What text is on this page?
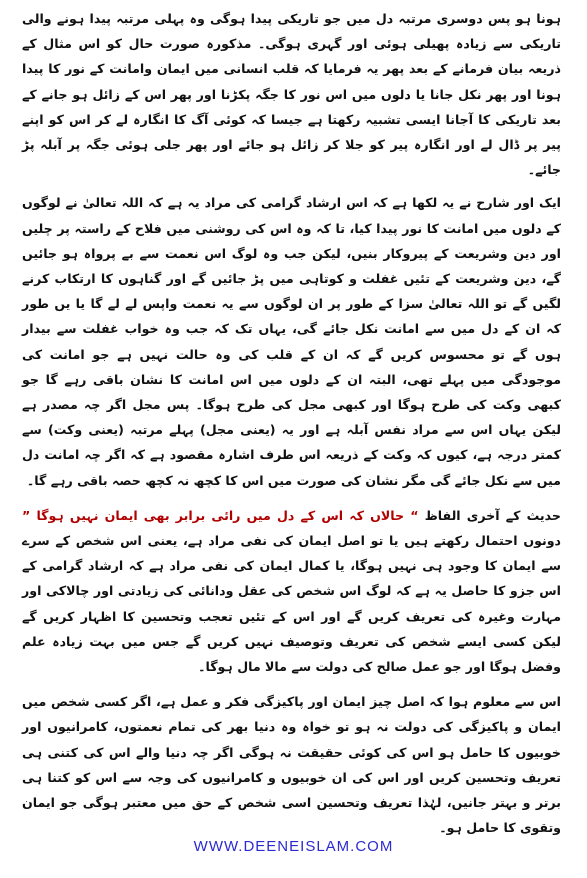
ہونا ہو پس دوسری مرتبہ دل میں جو تاریکی پیدا ہوگی وہ پہلی مرتبہ پیدا ہونے والی تاریکی سے زیادہ پھیلی ہوئی اور گہری ہوگی۔ مذکورہ صورت حال کو اس مثال کے ذریعہ بیان فرمانے کے بعد پھر یہ فرمایا کہ قلب انسانی میں ایمان وامانت کے نور کا پیدا ہونا اور پھر نکل جانا یا دلوں میں اس نور کا جگہ پکڑنا اور پھر اس کے زائل ہو جانے کے بعد تاریکی کا آجانا ایسی تشبیہ رکھتا ہے جیسا کہ کوئی آگ کا انگارہ لے کر اس کو اپنے پیر پر ڈال لے اور انگارہ پیر کو جلا کر زائل ہو جائے اور پھر جلی ہوئی جگہ پر آبلہ پڑ جائے۔

ایک اور شارح نے یہ لکھا ہے کہ اس ارشاد گرامی کی مراد یہ ہے کہ اللہ تعالیٰ نے لوگوں کے دلوں میں امانت کا نور پیدا کیا، تا کہ وہ اس کی روشنی میں فلاح کے راستہ پر چلیں اور دین وشریعت کے پیروکار بنیں، لیکن جب وہ لوگ اس نعمت سے بے پرواہ ہو جائیں گے، دین وشریعت کے تئیں غفلت و کوتاہی میں پڑ جائیں گے اور گناہوں کا ارتکاب کرنے لگیں گے تو اللہ تعالیٰ سزا کے طور پر ان لوگوں سے یہ نعمت واپس لے لے گا یا یں طور کہ ان کے دل میں سے امانت نکل جائے گی، یہاں تک کہ جب وہ خواب غفلت سے بیدار ہوں گے تو محسوس کریں گے کہ ان کے قلب کی وہ حالت نہیں ہے جو امانت کی موجودگی میں پہلے تھی، البتہ ان کے دلوں میں اس امانت کا نشان باقی رہے گا جو کبھی وکت کی طرح ہوگا اور کبھی مجل کی طرح ہوگا۔ پس مجل اگر چہ مصدر ہے لیکن یہاں اس سے مراد نفس آبلہ ہے اور یہ (یعنی مجل) پہلے مرتبہ (یعنی وکت) سے کمتر درجہ ہے، کیوں کہ وکت کے ذریعہ اس طرف اشارہ مقصود ہے کہ اگر چہ امانت دل میں سے نکل جائے گی مگر نشان کی صورت میں اس کا کچھ نہ کچھ حصہ باقی رہے گا۔

حدیث کے آخری الفاظ “ حالاں کہ اس کے دل میں رائی برابر بھی ایمان نہیں ہوگا ” دونوں احتمال رکھتے ہیں یا تو اصل ایمان کی نفی مراد ہے، یعنی اس شخص کے سرے سے ایمان کا وجود ہی نہیں ہوگا، یا کمال ایمان کی نفی مراد ہے کہ ارشاد گرامی کے اس جزو کا حاصل یہ ہے کہ لوگ اس شخص کی عقل ودانائی کی زیادتی اور چالاکی اور مہارت وغیرہ کی تعریف کریں گے اور اس کے تئیں تعجب وتحسین کا اظہار کریں گے لیکن کسی ایسے شخص کی تعریف وتوصیف نہیں کریں گے جس میں بہت زیادہ علم وفضل ہوگا اور جو عمل صالح کی دولت سے مالا مال ہوگا۔

اس سے معلوم ہوا کہ اصل چیز ایمان اور پاکیزگی فکر و عمل ہے، اگر کسی شخص میں ایمان و پاکیزگی کی دولت نہ ہو تو خواہ وہ دنیا بھر کی تمام نعمتوں، کامرانیوں اور خوبیوں کا حامل ہو اس کی کوئی حقیقت نہ ہوگی اگر چہ دنیا والے اس کی کتنی ہی تعریف وتحسین کریں اور اس کی ان خوبیوں و کامرانیوں کی وجہ سے اس کو کتنا ہی برتر و بہتر جانیں، لہٰذا تعریف وتحسین اسی شخص کے حق میں معتبر ہوگی جو ایمان وتقوی کا حامل ہو۔

WWW.DEENEISLAM.COM
